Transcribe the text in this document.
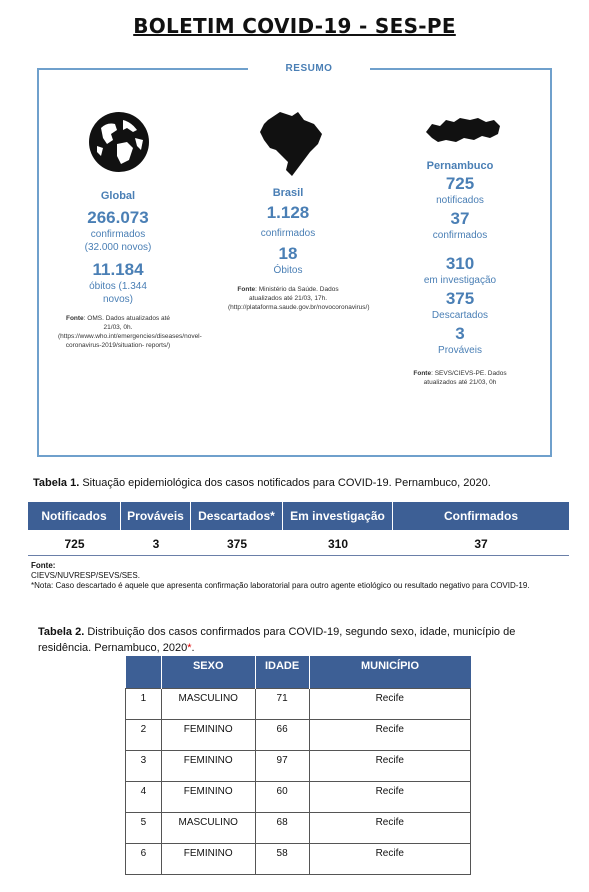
BOLETIM COVID-19 - SES-PE
RESUMO
Global
266.073
confirmados
(32.000 novos)
11.184
óbitos (1.344
novos)
Fonte: OMS. Dados atualizados até 21/03, 0h. (https://www.who.int/emergencies/diseases/novel-coronavirus-2019/situation- reports/)
Brasil
1.128
confirmados
18
Óbitos
Fonte: Ministério da Saúde. Dados atualizados até 21/03, 17h. (http://plataforma.saude.gov.br/novocoronavirus/)
Pernambuco
725
notificados
37
confirmados
310
em investigação
375
Descartados
3
Prováveis
Fonte: SEVS/CIEVS-PE. Dados atualizados até 21/03, 0h
Tabela 1. Situação epidemiológica dos casos notificados para COVID-19. Pernambuco, 2020.
Notificados	Prováveis	Descartados*	Em investigação	Confirmados
725	3	375	310	37
Fonte:
CIEVS/NUVRESP/SEVS/SES.
*Nota: Caso descartado é aquele que apresenta confirmação laboratorial para outro agente etiológico ou resultado negativo para COVID-19.
Tabela 2. Distribuição dos casos confirmados para COVID-19, segundo sexo, idade, município de residência. Pernambuco, 2020*.
	SEXO	IDADE	MUNICÍPIO
1	MASCULINO	71	Recife
2	FEMININO	66	Recife
3	FEMININO	97	Recife
4	FEMININO	60	Recife
5	MASCULINO	68	Recife
6	FEMININO	58	Recife
